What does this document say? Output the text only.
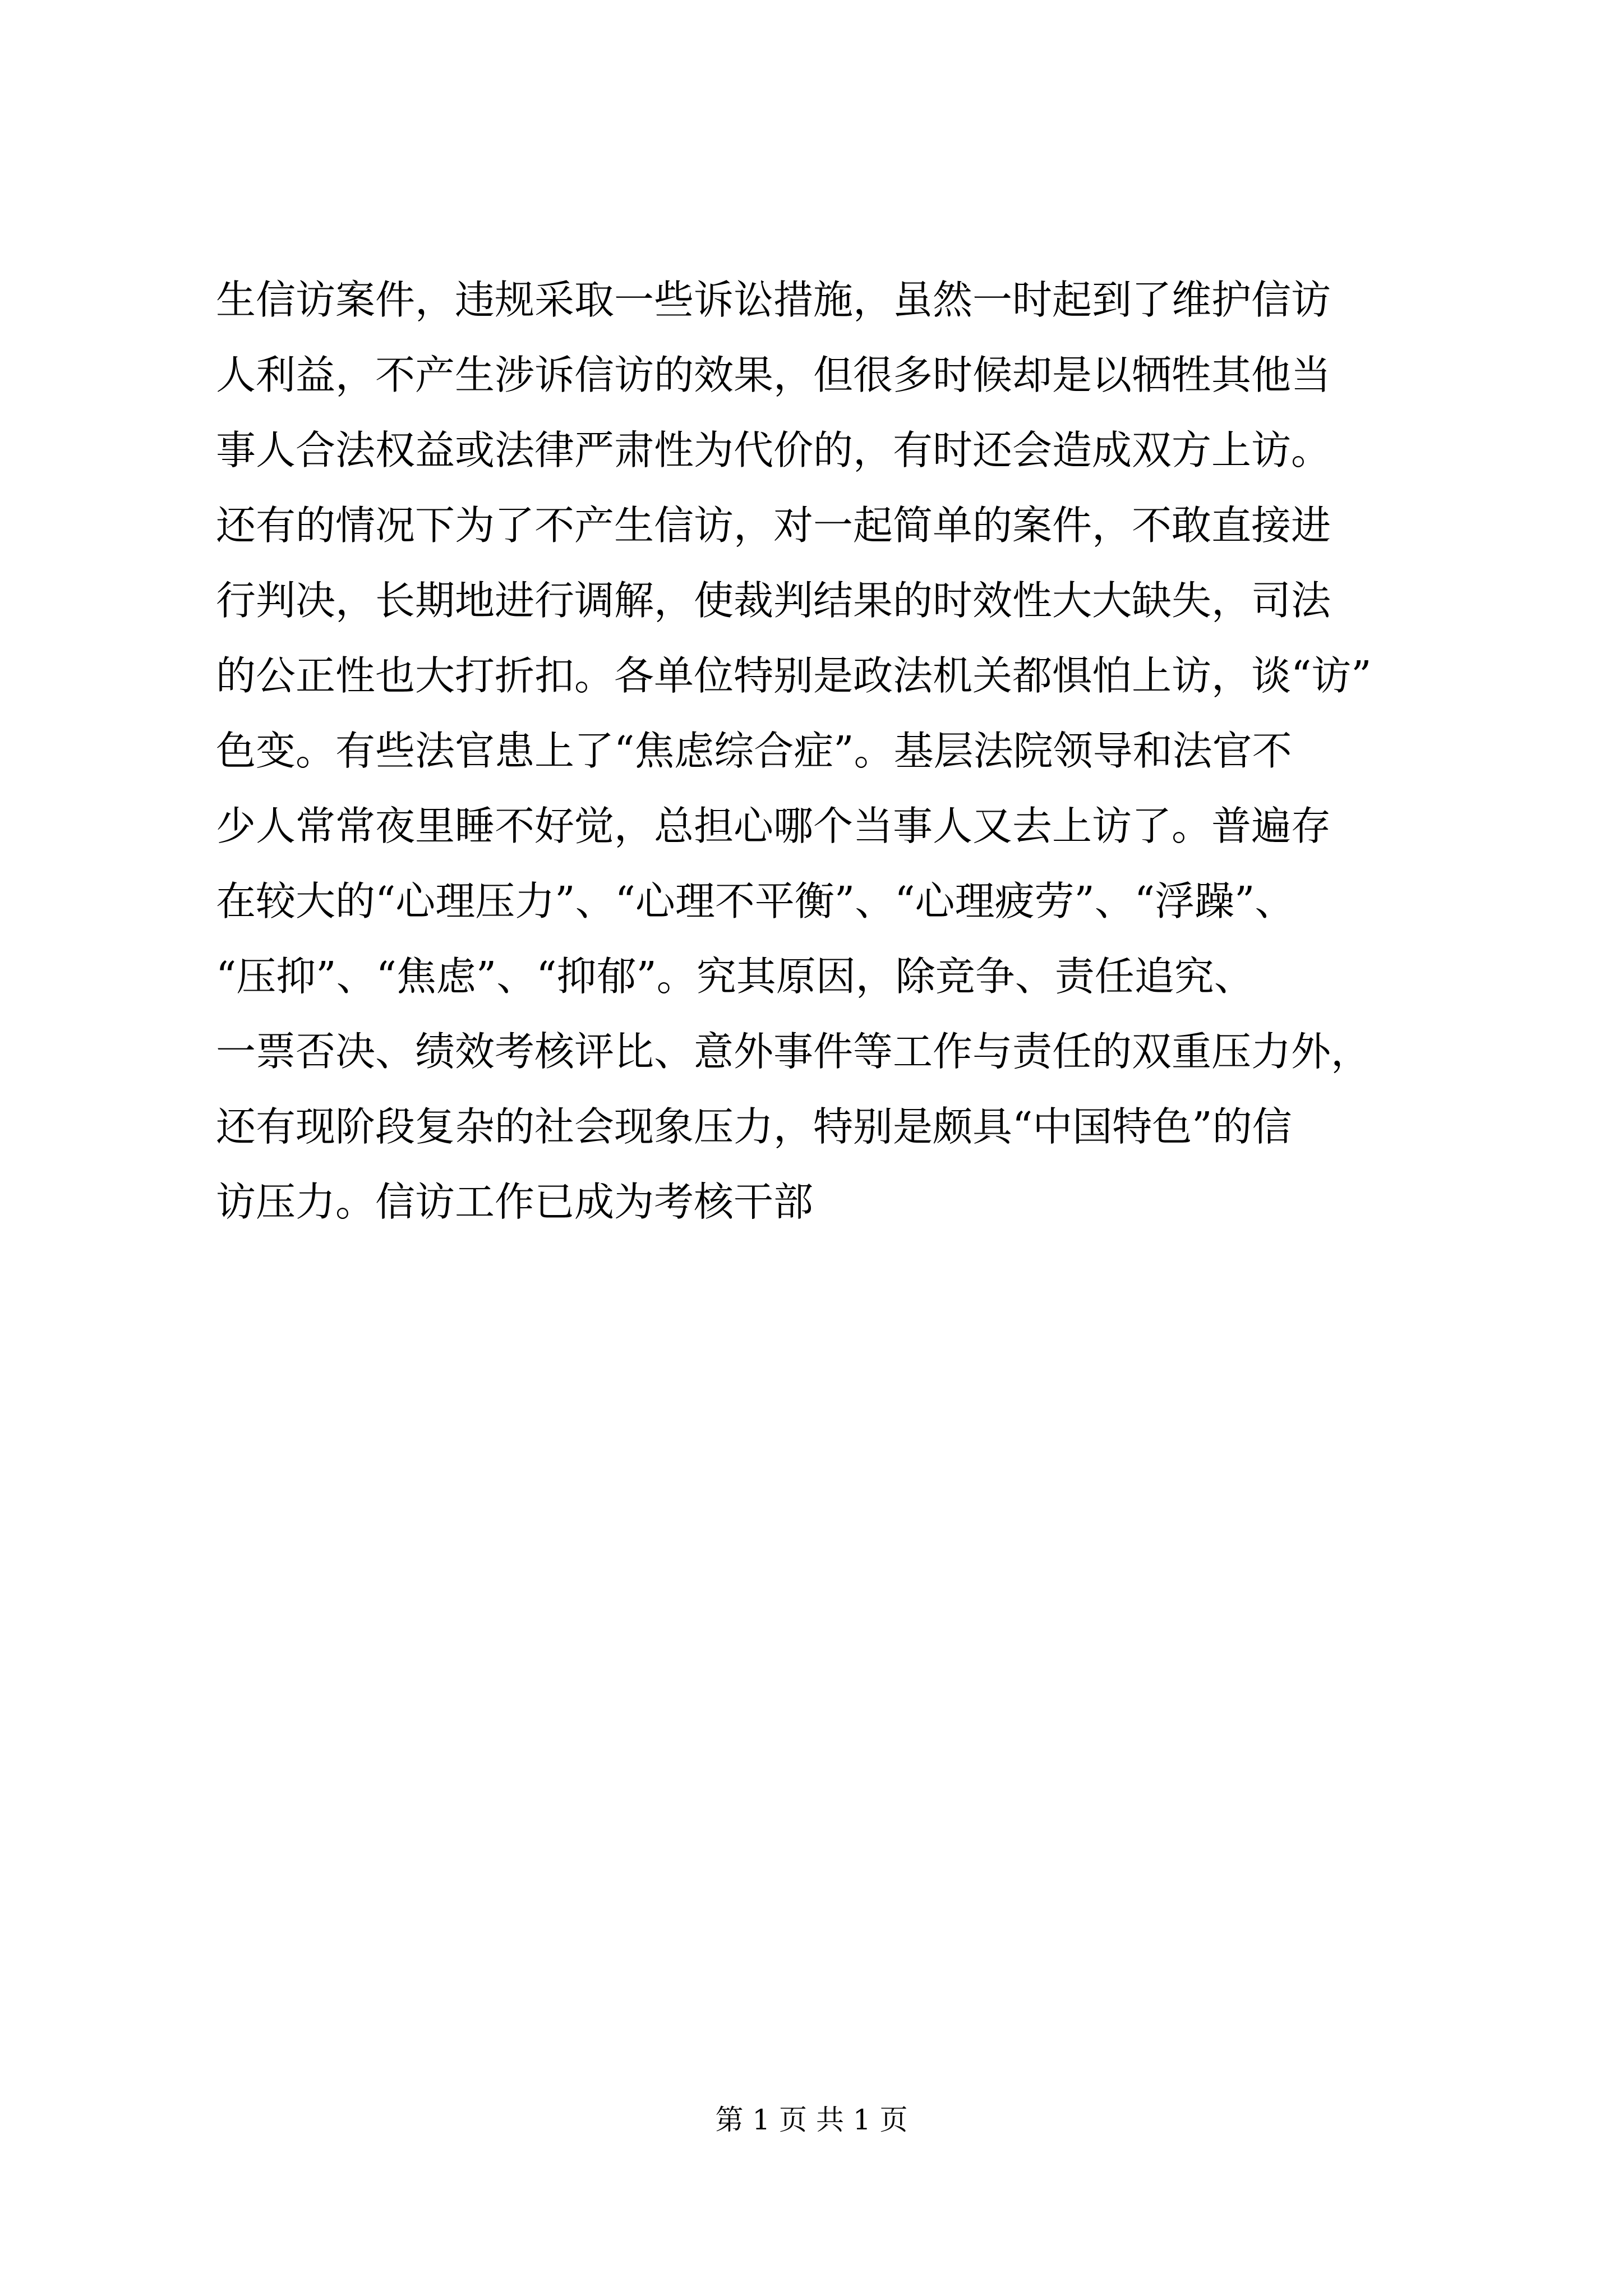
生信访案件，违规采取一些诉讼措施，虽然一时起到了维护信访
人利益，不产生涉诉信访的效果，但很多时候却是以牺牲其他当
事人合法权益或法律严肃性为代价的，有时还会造成双方上访。
还有的情况下为了不产生信访，对一起简单的案件，不敢直接进
行判决，长期地进行调解，使裁判结果的时效性大大缺失，司法
的公正性也大打折扣。各单位特别是政法机关都惧怕上访，谈“访”
色变。有些法官患上了“焦虑综合症”。基层法院领导和法官不
少人常常夜里睡不好觉，总担心哪个当事人又去上访了。普遍存
在较大的“心理压力”、“心理不平衡”、“心理疲劳”、“浮躁”、
“压抑”、“焦虑”、“抑郁”。究其原因，除竞争、责任追究、
一票否决、绩效考核评比、意外事件等工作与责任的双重压力外，
还有现阶段复杂的社会现象压力，特别是颇具“中国特色”的信
访压力。信访工作已成为考核干部
第 1 页 共 1 页
